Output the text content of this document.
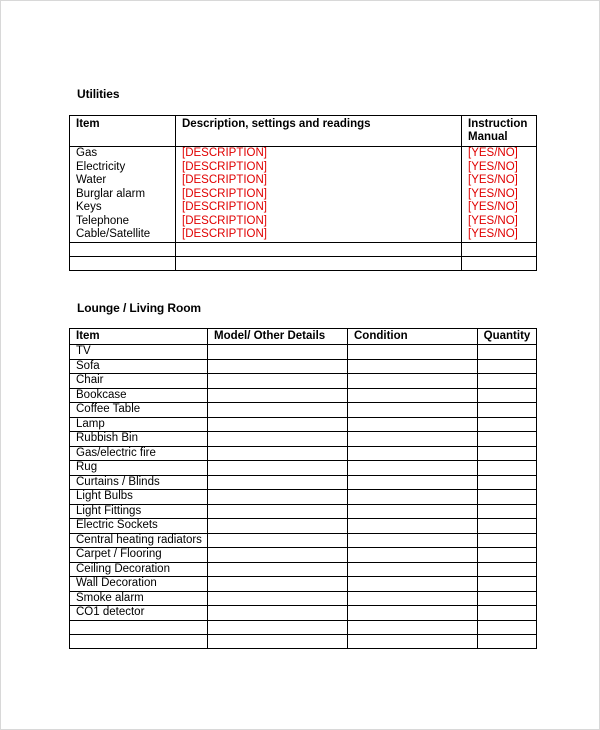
Utilities
Item	Description, settings and readings	Instruction Manual
Gas	[DESCRIPTION]	[YES/NO]
Electricity	[DESCRIPTION]	[YES/NO]
Water	[DESCRIPTION]	[YES/NO]
Burglar alarm	[DESCRIPTION]	[YES/NO]
Keys	[DESCRIPTION]	[YES/NO]
Telephone	[DESCRIPTION]	[YES/NO]
Cable/Satellite	[DESCRIPTION]	[YES/NO]

Lounge / Living Room
Item	Model/ Other Details	Condition	Quantity
TV			
Sofa			
Chair			
Bookcase			
Coffee Table			
Lamp			
Rubbish Bin			
Gas/electric fire			
Rug			
Curtains / Blinds			
Light Bulbs			
Light Fittings			
Electric Sockets			
Central heating radiators			
Carpet / Flooring			
Ceiling Decoration			
Wall Decoration			
Smoke alarm			
CO1 detector			
